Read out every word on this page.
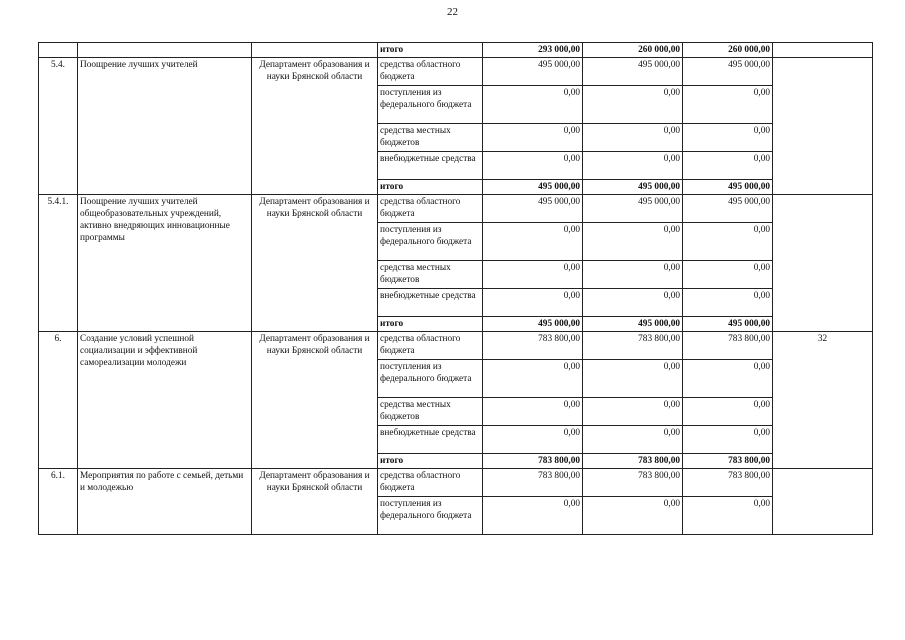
22
			итого	293 000,00	260 000,00	260 000,00	
5.4.	Поощрение лучших учителей	Департамент образования и науки Брянской области	средства областного бюджета	495 000,00	495 000,00	495 000,00	
			поступления из федерального бюджета	0,00	0,00	0,00	
			средства местных бюджетов	0,00	0,00	0,00	
			внебюджетные средства	0,00	0,00	0,00	
			итого	495 000,00	495 000,00	495 000,00	
5.4.1.	Поощрение лучших учителей общеобразовательных учреждений, активно внедряющих инновационные программы	Департамент образования и науки Брянской области	средства областного бюджета	495 000,00	495 000,00	495 000,00	
			поступления из федерального бюджета	0,00	0,00	0,00	
			средства местных бюджетов	0,00	0,00	0,00	
			внебюджетные средства	0,00	0,00	0,00	
			итого	495 000,00	495 000,00	495 000,00	
6.	Создание условий успешной социализации и эффективной самореализации молодежи	Департамент образования и науки Брянской области	средства областного бюджета	783 800,00	783 800,00	783 800,00	32
			поступления из федерального бюджета	0,00	0,00	0,00	
			средства местных бюджетов	0,00	0,00	0,00	
			внебюджетные средства	0,00	0,00	0,00	
			итого	783 800,00	783 800,00	783 800,00	
6.1.	Мероприятия по работе с семьей, детьми и молодежью	Департамент образования и науки Брянской области	средства областного бюджета	783 800,00	783 800,00	783 800,00	
			поступления из федерального бюджета	0,00	0,00	0,00	
